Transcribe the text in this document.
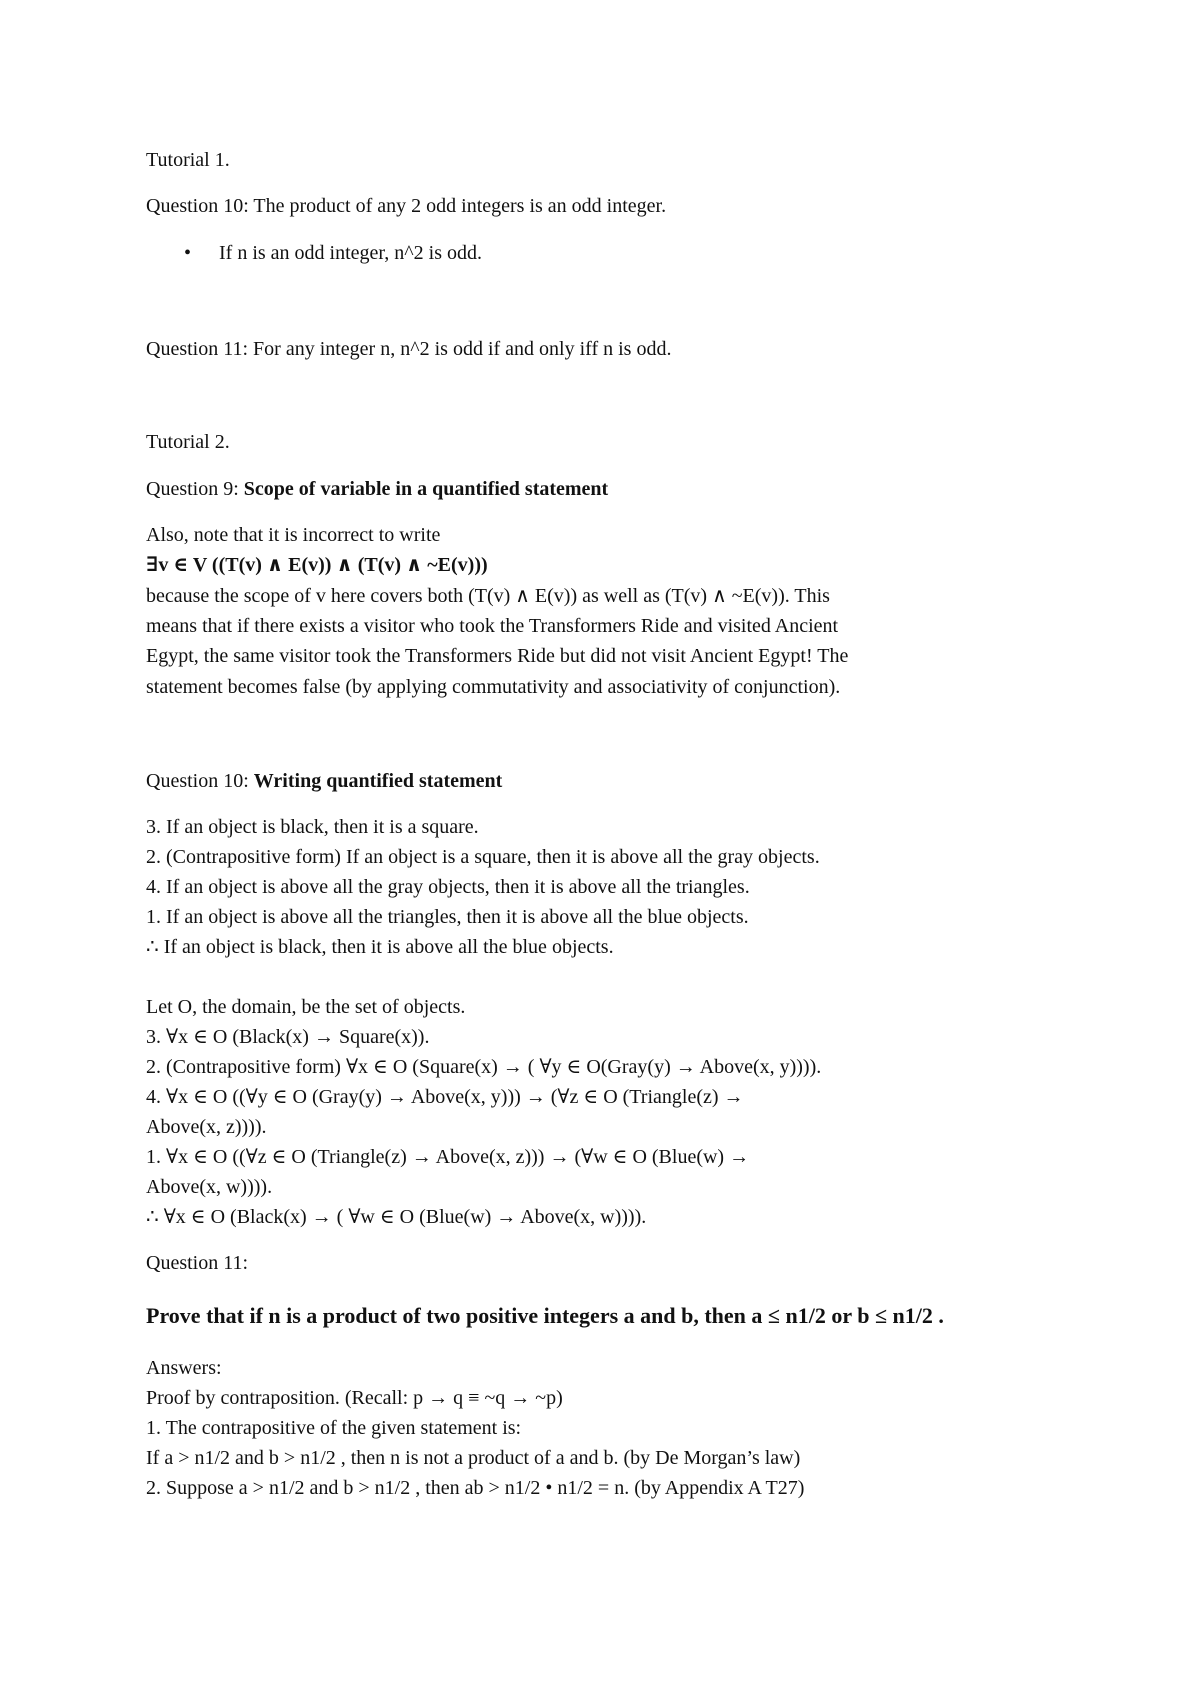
Tutorial 1.
Question 10: The product of any 2 odd integers is an odd integer.
• If n is an odd integer, n^2 is odd.
Question 11: For any integer n, n^2 is odd if and only iff n is odd.
Tutorial 2.
Question 9: Scope of variable in a quantified statement
Also, note that it is incorrect to write
∃v ∈ V ((T(v) ∧ E(v)) ∧ (T(v) ∧ ~E(v)))
because the scope of v here covers both (T(v) ∧ E(v)) as well as (T(v) ∧ ~E(v)). This
means that if there exists a visitor who took the Transformers Ride and visited Ancient
Egypt, the same visitor took the Transformers Ride but did not visit Ancient Egypt! The
statement becomes false (by applying commutativity and associativity of conjunction).
Question 10: Writing quantified statement
3. If an object is black, then it is a square.
2. (Contrapositive form) If an object is a square, then it is above all the gray objects.
4. If an object is above all the gray objects, then it is above all the triangles.
1. If an object is above all the triangles, then it is above all the blue objects.
∴ If an object is black, then it is above all the blue objects.
Let O, the domain, be the set of objects.
3. ∀x ∈ O (Black(x) → Square(x)).
2. (Contrapositive form) ∀x ∈ O (Square(x) → ( ∀y ∈ O(Gray(y) → Above(x, y)))).
4. ∀x ∈ O ((∀y ∈ O (Gray(y) → Above(x, y))) → (∀z ∈ O (Triangle(z) →
Above(x, z)))).
1. ∀x ∈ O ((∀z ∈ O (Triangle(z) → Above(x, z))) → (∀w ∈ O (Blue(w) →
Above(x, w)))).
∴ ∀x ∈ O (Black(x) → ( ∀w ∈ O (Blue(w) → Above(x, w)))).
Question 11:
Prove that if n is a product of two positive integers a and b, then a ≤ n1/2 or b ≤ n1/2 .
Answers:
Proof by contraposition. (Recall: p → q ≡ ~q → ~p)
1. The contrapositive of the given statement is:
If a > n1/2 and b > n1/2 , then n is not a product of a and b. (by De Morgan’s law)
2. Suppose a > n1/2 and b > n1/2 , then ab > n1/2 • n1/2 = n. (by Appendix A T27)
